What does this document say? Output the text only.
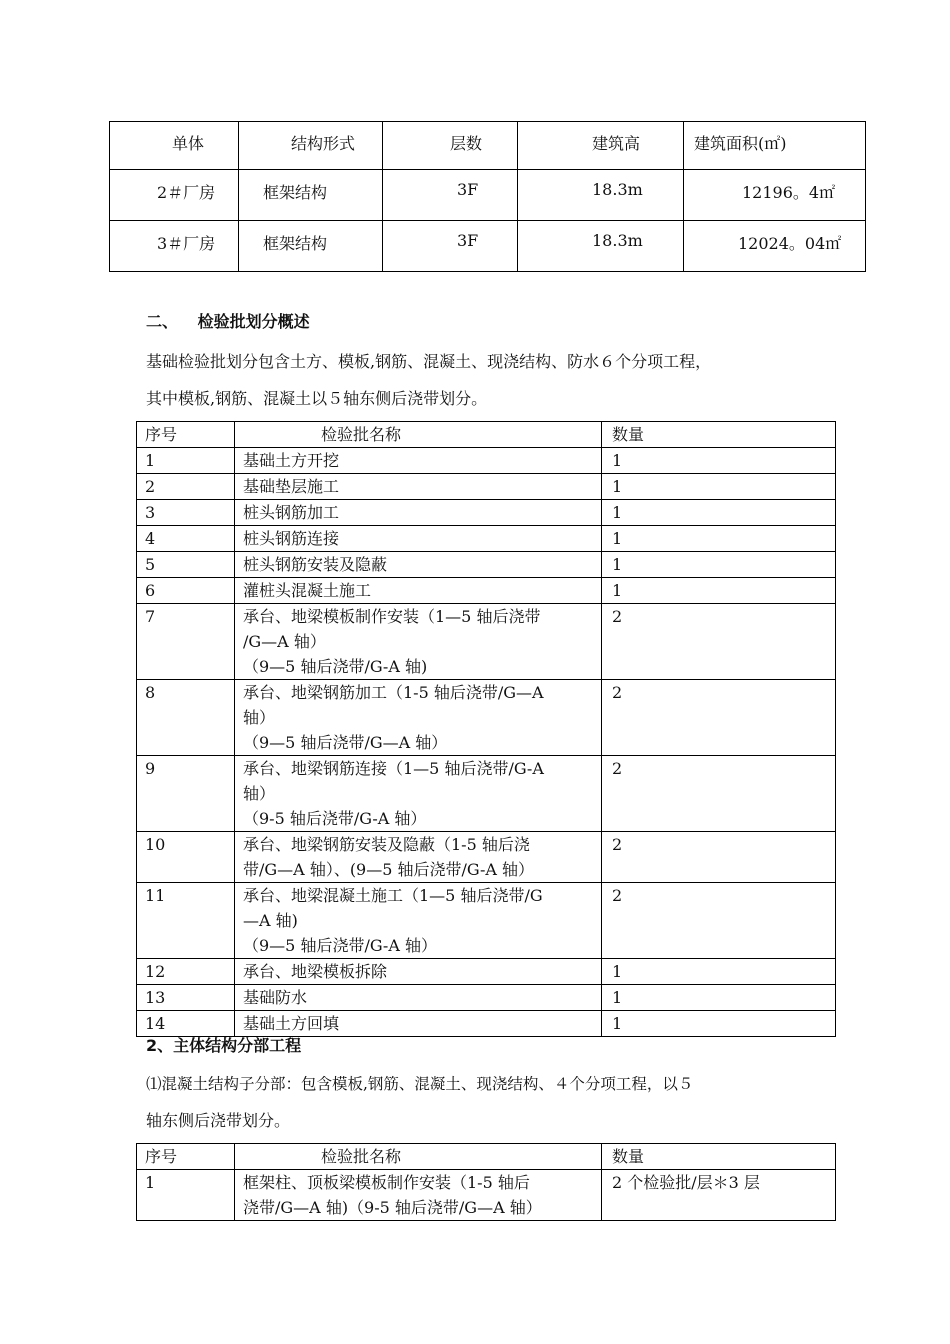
单体	结构形式	层数	建筑高	建筑面积(㎡)
2＃厂房	框架结构	3F	18.3m	12196。4㎡
3＃厂房	框架结构	3F	18.3m	12024。04㎡
二、 检验批划分概述
基础检验批划分包含土方、模板,钢筋、混凝土、现浇结构、防水６个分项工程，
其中模板,钢筋、混凝土以５轴东侧后浇带划分。
序号	检验批名称	数量
1	基础土方开挖	1
2	基础垫层施工	1
3	桩头钢筋加工	1
4	桩头钢筋连接	1
5	桩头钢筋安装及隐蔽	1
6	灌桩头混凝土施工	1
7	承台、地梁模板制作安装（1—5 轴后浇带
/G—A 轴）
（9—5 轴后浇带/G-A 轴)	2
8	承台、地梁钢筋加工（1-5 轴后浇带/G—A
轴）
（9—5 轴后浇带/G—A 轴）	2
9	承台、地梁钢筋连接（1—5 轴后浇带/G-A
轴）
（9-5 轴后浇带/G-A 轴）	2
10	承台、地梁钢筋安装及隐蔽（1-5 轴后浇
带/G—A 轴）、(9—5 轴后浇带/G-A 轴）	2
11	承台、地梁混凝土施工（1—5 轴后浇带/G
—A 轴)
（9—5 轴后浇带/G-A 轴）	2
12	承台、地梁模板拆除	1
13	基础防水	1
14	基础土方回填	1
2、主体结构分部工程
⑴混凝土结构子分部：包含模板,钢筋、混凝土、现浇结构、４个分项工程，以５
轴东侧后浇带划分。
序号	检验批名称	数量
1	框架柱、顶板梁模板制作安装（1-5 轴后
浇带/G—A 轴)（9-5 轴后浇带/G—A 轴）	2 个检验批/层＊3 层
